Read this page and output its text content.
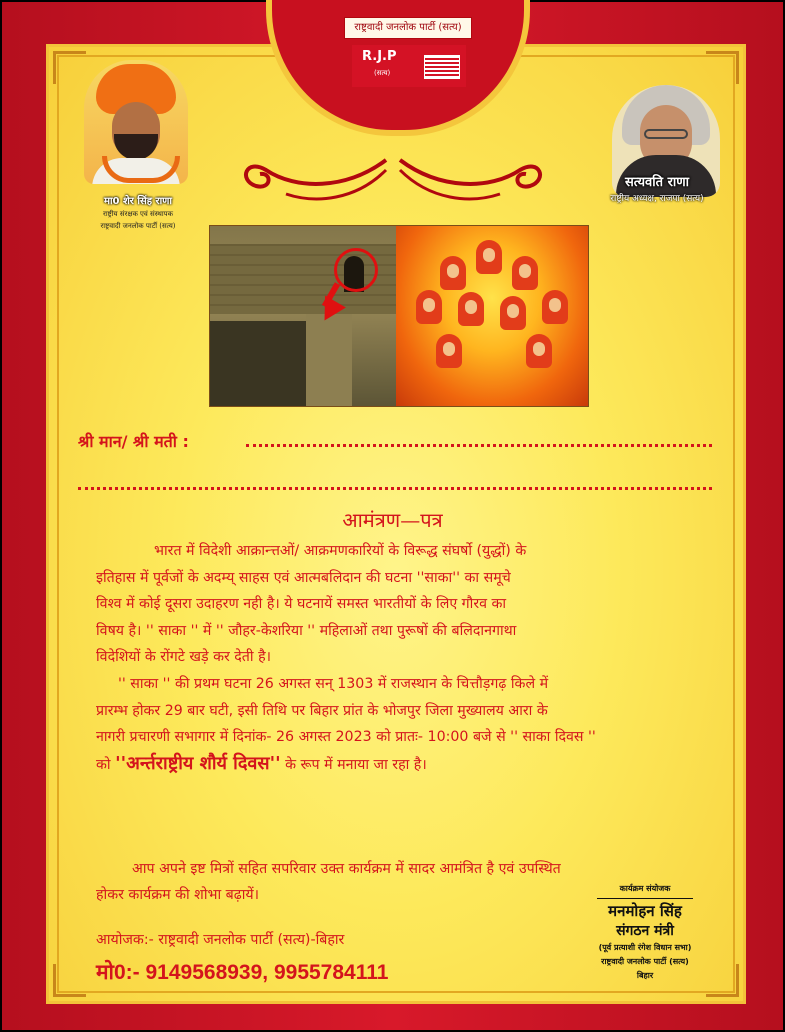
राष्ट्रवादी जनलोक पार्टी (सत्य)
R.J.P
(सत्य)
मा0 शेर सिंह राणा
राष्ट्रीय संरक्षक एवं संस्थापक
राष्ट्रवादी जनलोक पार्टी (सत्य)
सत्यवति राणा
राष्ट्रीय अध्यक्ष, राजपा (सत्य)
श्री मान/ श्री मती :
आमंत्रण—पत्र

भारत में विदेशी आक्रान्त्तओं/ आक्रमणकारियों के विरूद्ध संघर्षो (युद्धों) के

इतिहास में पूर्वजों के अदम्य् साहस एवं आत्मबलिदान की घटना ''साका'' का समूचे

विश्‍व में कोई दूसरा उदाहरण नही है। ये घटनायें समस्त भारतीयों के लिए गौरव का

विषय है। '' साका '' में '' जौहर-केशरिया '' महिलाओं तथा पुरूषों की बलिदानगाथा

विदेशियों के रोंगटे खड़े कर देती है।

'' साका '' की प्रथम घटना 26 अगस्त सन् 1303 में राजस्थान के चित्तौड़गढ़ किले में

प्रारम्भ होकर 29 बार घटी, इसी तिथि पर बिहार प्रांत के भोजपुर जिला मुख्यालय आरा के

नागरी प्रचारणी सभागार में दिनांक- 26 अगस्त 2023 को प्रातः- 10:00 बजे से '' साका दिवस ''

को ''अर्न्तराष्ट्रीय शौर्य दिवस'' के रूप में मनाया जा रहा है।

आप अपने इष्ट मित्रों सहित सपरिवार उक्त कार्यक्रम में सादर आमंत्रित है एवं उपस्थित

होकर कार्यक्रम की शोभा बढ़ायें।

आयोजक:- राष्ट्रवादी जनलोक पार्टी (सत्य)-बिहार
मो0:- 9149568939, 9955784111
कार्यक्रम संयोजक
मनमोहन सिंह
संगठन मंत्री
(पूर्व प्रत्याशी रंगेश विधान सभा)
राष्ट्रवादी जनलोक पार्टी (सत्य)
बिहार
